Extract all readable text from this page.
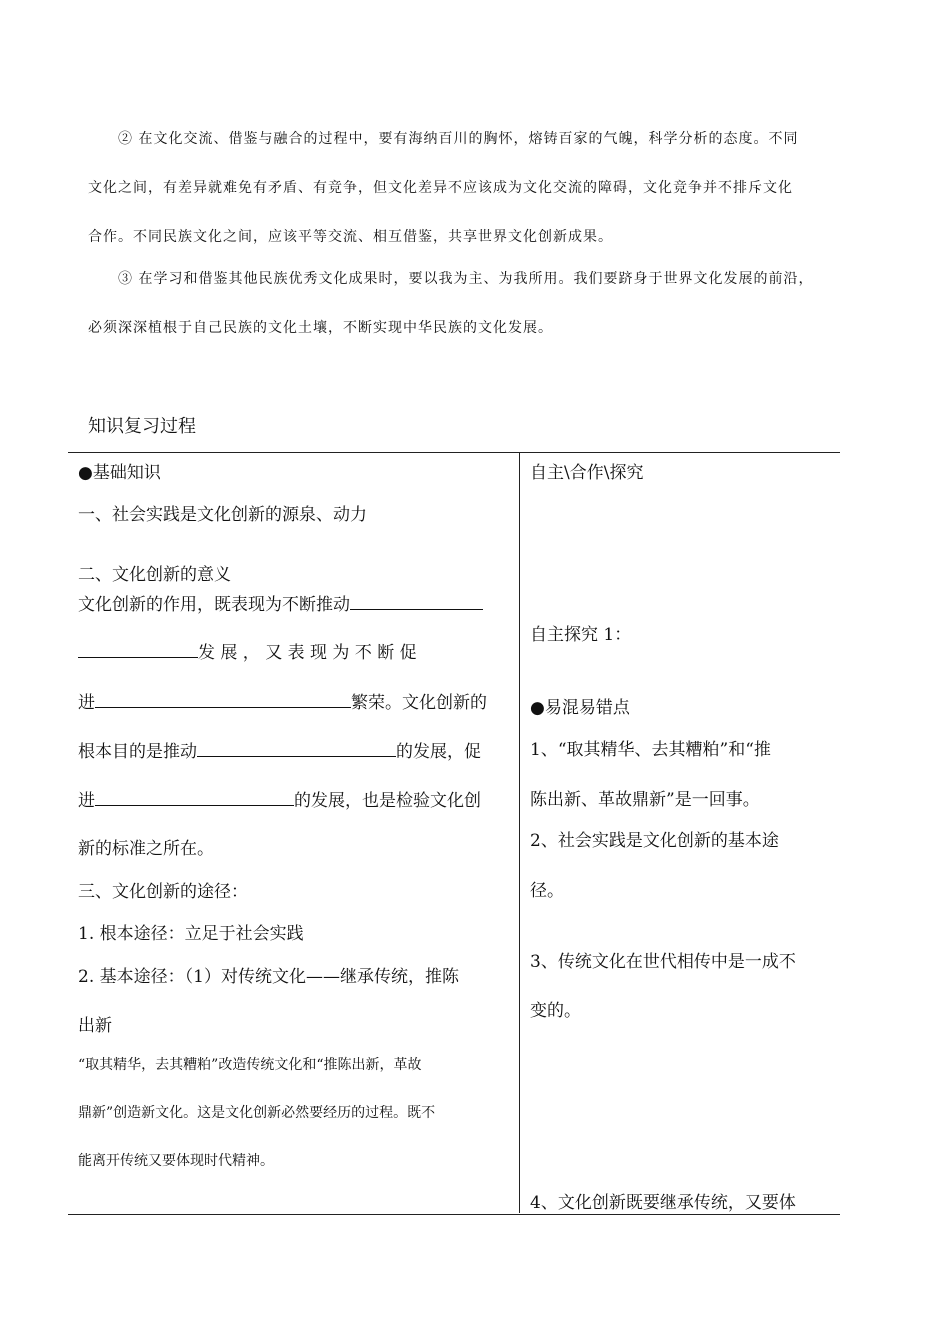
② 在文化交流、借鉴与融合的过程中，要有海纳百川的胸怀，熔铸百家的气魄，科学分析的态度。不同

文化之间，有差异就难免有矛盾、有竞争，但文化差异不应该成为文化交流的障碍，文化竞争并不排斥文化

合作。不同民族文化之间，应该平等交流、相互借鉴，共享世界文化创新成果。

③ 在学习和借鉴其他民族优秀文化成果时，要以我为主、为我所用。我们要跻身于世界文化发展的前沿，

必须深深植根于自己民族的文化土壤，不断实现中华民族的文化发展。

知识复习过程
●基础知识
一、社会实践是文化创新的源泉、动力
二、文化创新的意义
文化创新的作用，既表现为不断推动
发 展 ， 又 表 现 为 不 断 促
进	繁荣。文化创新的
根本目的是推动	的发展，促
进	的发展，也是检验文化创
新的标准之所在。
三、文化创新的途径：
1. 根本途径：立足于社会实践
2. 基本途径：（1）对传统文化——继承传统，推陈
出新
“取其精华，去其糟粕”改造传统文化和“推陈出新，革故
鼎新”创造新文化。这是文化创新必然要经历的过程。既不
能离开传统又要体现时代精神。
自主\合作\探究
自主探究 1：
●易混易错点
1、“取其精华、去其糟粕”和“推
陈出新、革故鼎新”是一回事。
2、社会实践是文化创新的基本途
径。
3、传统文化在世代相传中是一成不
变的。
4、文化创新既要继承传统，又要体
